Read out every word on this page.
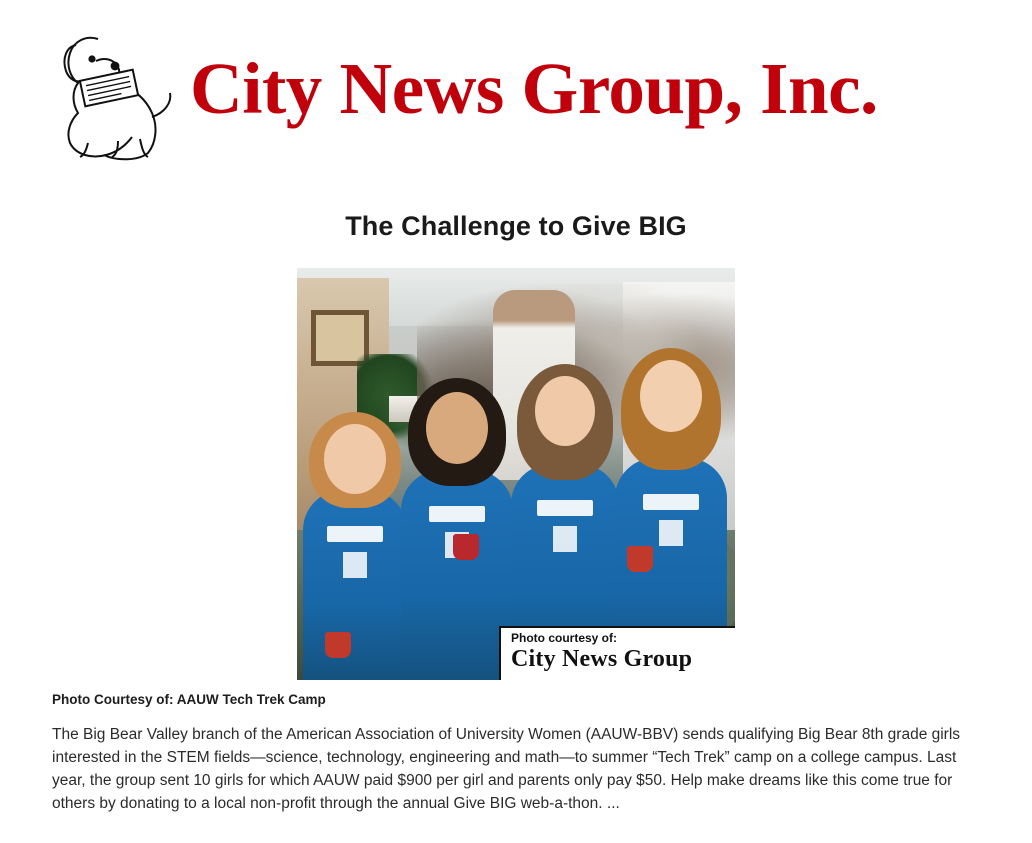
City News Group, Inc.
The Challenge to Give BIG
Photo courtesy of:
City News Group
Photo Courtesy of: AAUW Tech Trek Camp

The Big Bear Valley branch of the American Association of University Women (AAUW-BBV) sends qualifying Big Bear 8th grade girls interested in the STEM fields—science, technology, engineering and math—to summer “Tech Trek” camp on a college campus. Last year, the group sent 10 girls for which AAUW paid $900 per girl and parents only pay $50. Help make dreams like this come true for others by donating to a local non-profit through the annual Give BIG web-a-thon. ...
